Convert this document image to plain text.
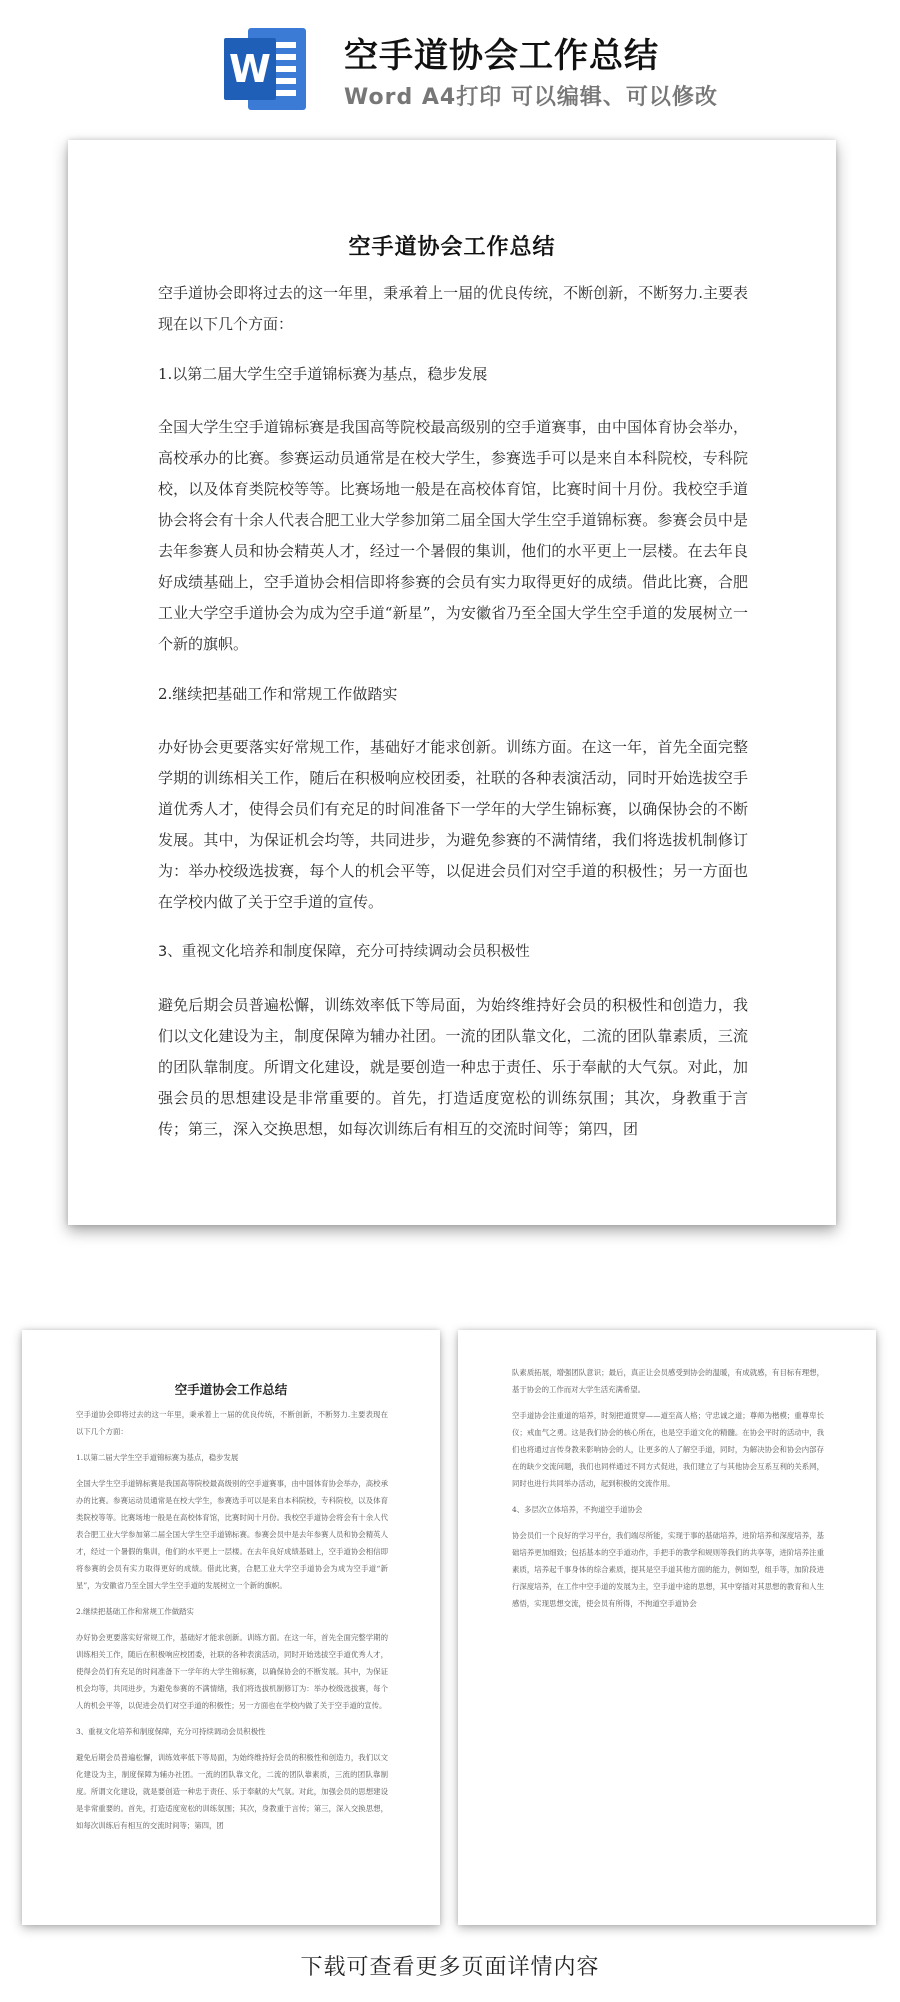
W 空手道协会工作总结
Word A4打印 可以编辑、可以修改
空手道协会工作总结

空手道协会即将过去的这一年里，秉承着上一届的优良传统，不断创新，不断努力.主要表现在以下几个方面：

1.以第二届大学生空手道锦标赛为基点，稳步发展

全国大学生空手道锦标赛是我国高等院校最高级别的空手道赛事，由中国体育协会举办，高校承办的比赛。参赛运动员通常是在校大学生，参赛选手可以是来自本科院校，专科院校，以及体育类院校等等。比赛场地一般是在高校体育馆，比赛时间十月份。我校空手道协会将会有十余人代表合肥工业大学参加第二届全国大学生空手道锦标赛。参赛会员中是去年参赛人员和协会精英人才，经过一个暑假的集训，他们的水平更上一层楼。在去年良好成绩基础上，空手道协会相信即将参赛的会员有实力取得更好的成绩。借此比赛，合肥工业大学空手道协会为成为空手道“新星”，为安徽省乃至全国大学生空手道的发展树立一个新的旗帜。

2.继续把基础工作和常规工作做踏实

办好协会更要落实好常规工作，基础好才能求创新。训练方面。在这一年，首先全面完整学期的训练相关工作，随后在积极响应校团委，社联的各种表演活动，同时开始选拔空手道优秀人才，使得会员们有充足的时间准备下一学年的大学生锦标赛，以确保协会的不断发展。其中，为保证机会均等，共同进步，为避免参赛的不满情绪，我们将选拔机制修订为：举办校级选拔赛，每个人的机会平等，以促进会员们对空手道的积极性；另一方面也在学校内做了关于空手道的宣传。

3、重视文化培养和制度保障，充分可持续调动会员积极性

避免后期会员普遍松懈，训练效率低下等局面，为始终维持好会员的积极性和创造力，我们以文化建设为主，制度保障为辅办社团。一流的团队靠文化，二流的团队靠素质，三流的团队靠制度。所谓文化建设，就是要创造一种忠于责任、乐于奉献的大气氛。对此，加强会员的思想建设是非常重要的。首先，打造适度宽松的训练氛围；其次，身教重于言传；第三，深入交换思想，如每次训练后有相互的交流时间等；第四，团

空手道协会工作总结

空手道协会即将过去的这一年里，秉承着上一届的优良传统，不断创新，不断努力.主要表现在以下几个方面：

1.以第二届大学生空手道锦标赛为基点，稳步发展

全国大学生空手道锦标赛是我国高等院校最高级别的空手道赛事，由中国体育协会举办，高校承办的比赛。参赛运动员通常是在校大学生，参赛选手可以是来自本科院校，专科院校，以及体育类院校等等。比赛场地一般是在高校体育馆，比赛时间十月份。我校空手道协会将会有十余人代表合肥工业大学参加第二届全国大学生空手道锦标赛。参赛会员中是去年参赛人员和协会精英人才，经过一个暑假的集训，他们的水平更上一层楼。在去年良好成绩基础上，空手道协会相信即将参赛的会员有实力取得更好的成绩。借此比赛，合肥工业大学空手道协会为成为空手道“新星”，为安徽省乃至全国大学生空手道的发展树立一个新的旗帜。

2.继续把基础工作和常规工作做踏实

办好协会更要落实好常规工作，基础好才能求创新。训练方面。在这一年，首先全面完整学期的训练相关工作，随后在积极响应校团委，社联的各种表演活动，同时开始选拔空手道优秀人才，使得会员们有充足的时间准备下一学年的大学生锦标赛，以确保协会的不断发展。其中，为保证机会均等，共同进步，为避免参赛的不满情绪，我们将选拔机制修订为：举办校级选拔赛，每个人的机会平等，以促进会员们对空手道的积极性；另一方面也在学校内做了关于空手道的宣传。

3、重视文化培养和制度保障，充分可持续调动会员积极性

避免后期会员普遍松懈，训练效率低下等局面，为始终维持好会员的积极性和创造力，我们以文化建设为主，制度保障为辅办社团。一流的团队靠文化，二流的团队靠素质，三流的团队靠制度。所谓文化建设，就是要创造一种忠于责任、乐于奉献的大气氛。对此，加强会员的思想建设是非常重要的。首先，打造适度宽松的训练氛围；其次，身教重于言传；第三，深入交换思想，如每次训练后有相互的交流时间等；第四，团

队素质拓展，增强团队意识；最后，真正让会员感受到协会的温暖，有成就感，有目标有理想，基于协会的工作而对大学生活充满希望。

空手道协会注重道的培养，时刻把道贯穿——道至高人格；守忠诚之道；尊师为楷模；重尊卑长仪；戒血气之勇。这是我们协会的核心所在，也是空手道文化的精髓。在协会平时的活动中，我们也将通过言传身教来影响协会的人，让更多的人了解空手道，同时，为解决协会和协会内部存在的缺少交流问题，我们也同样通过不同方式促进，我们建立了与其他协会互系互利的关系网，同时也进行共同举办活动，起到积极的交流作用。

4、多层次立体培养，不拘道空手道协会

协会员们一个良好的学习平台，我们端尽所能，实现于事的基础培养，进阶培养和深度培养，基础培养更加细致；包括基本的空手道动作，手把手的教学和规则等我们的共享等，进阶培养注重素质，培养起千事身体的综合素质，提其是空手道其他方面的能力，例如型，组手等，加阶段进行深度培养，在工作中空手道的发展为主，空手道中途的思想，其中穿插对其思想的教育和人生感悟，实现思想交流，使会员有所得，不拘道空手道协会

下载可查看更多页面详情内容
